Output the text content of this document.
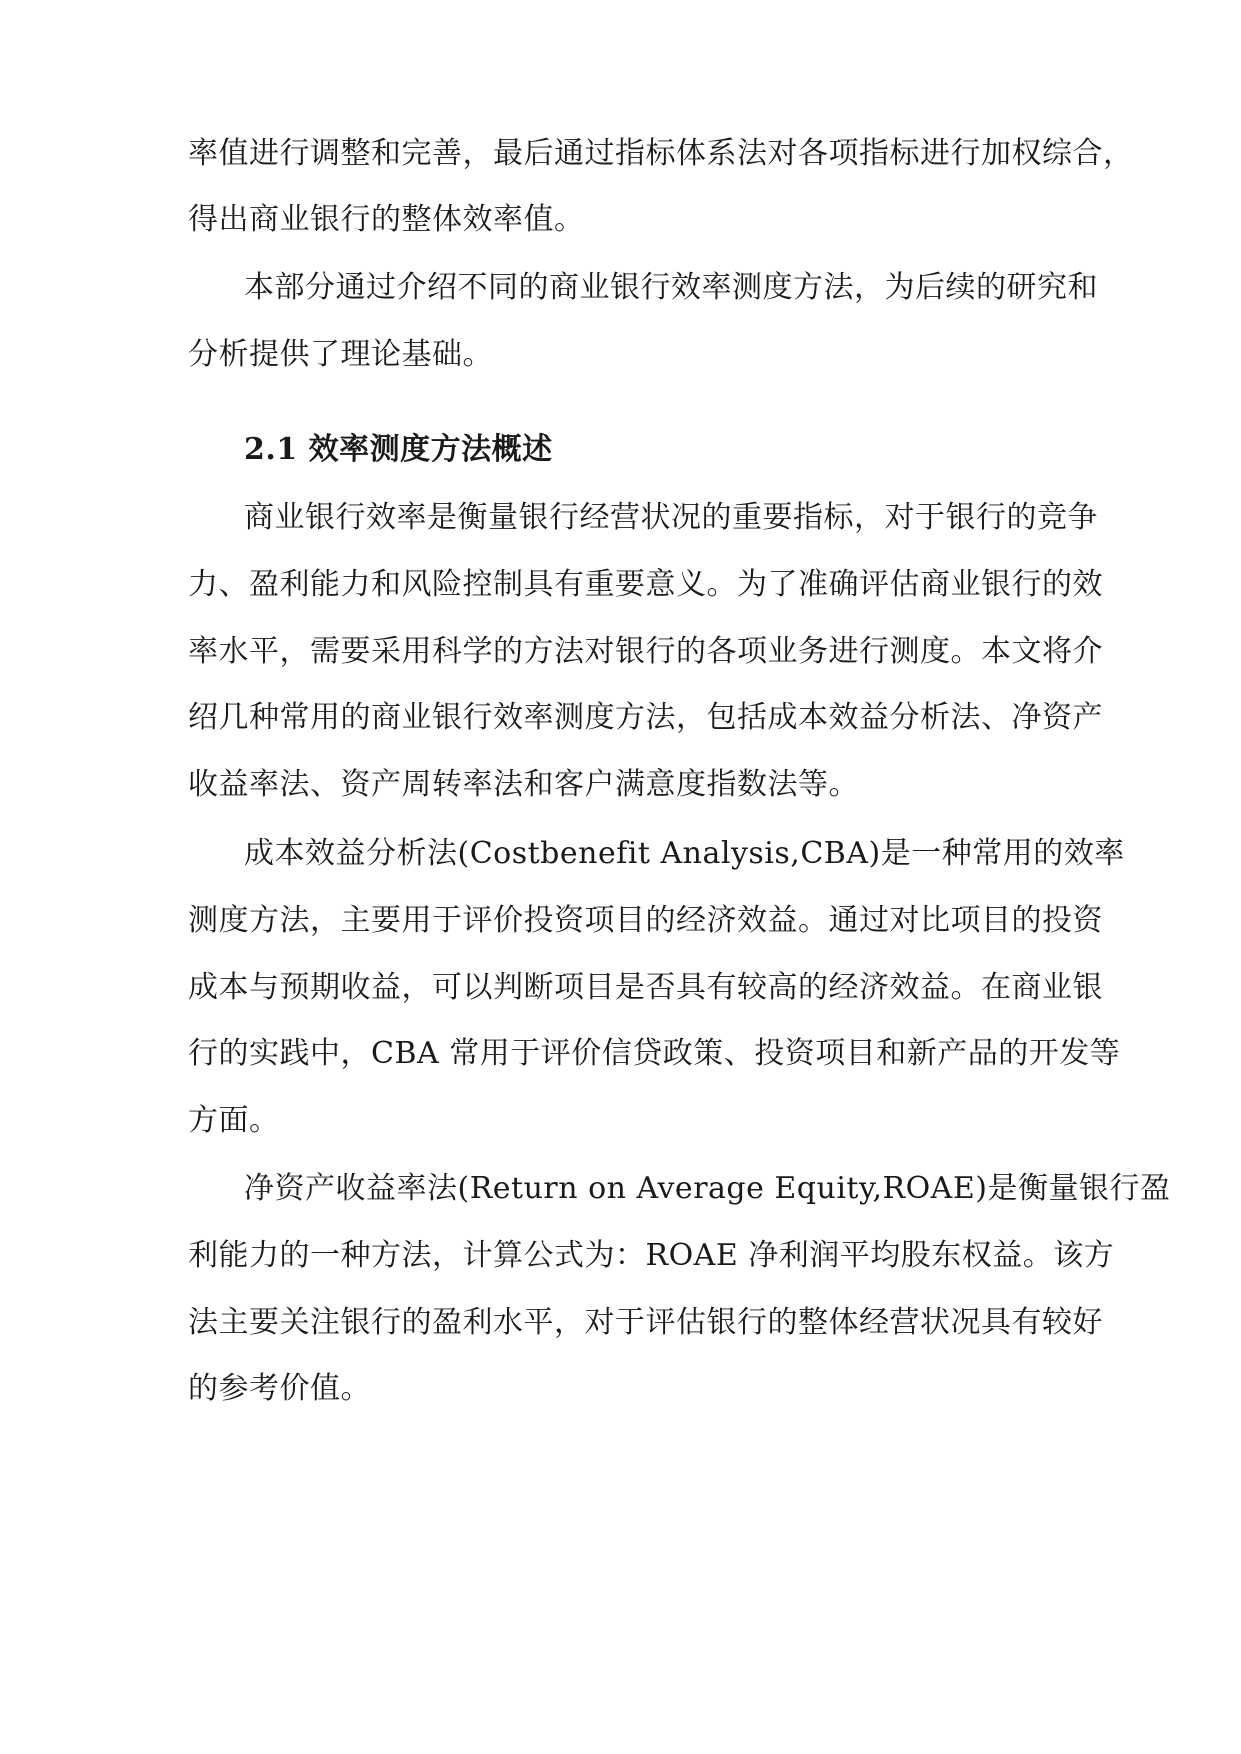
率值进行调整和完善，最后通过指标体系法对各项指标进行加权综合，
得出商业银行的整体效率值。
本部分通过介绍不同的商业银行效率测度方法，为后续的研究和
分析提供了理论基础。
2.1 效率测度方法概述
商业银行效率是衡量银行经营状况的重要指标，对于银行的竞争
力、盈利能力和风险控制具有重要意义。为了准确评估商业银行的效
率水平，需要采用科学的方法对银行的各项业务进行测度。本文将介
绍几种常用的商业银行效率测度方法，包括成本效益分析法、净资产
收益率法、资产周转率法和客户满意度指数法等。
成本效益分析法(Costbenefit Analysis,CBA)是一种常用的效率
测度方法，主要用于评价投资项目的经济效益。通过对比项目的投资
成本与预期收益，可以判断项目是否具有较高的经济效益。在商业银
行的实践中，CBA 常用于评价信贷政策、投资项目和新产品的开发等
方面。
净资产收益率法(Return on Average Equity,ROAE)是衡量银行盈
利能力的一种方法，计算公式为：ROAE 净利润平均股东权益。该方
法主要关注银行的盈利水平，对于评估银行的整体经营状况具有较好
的参考价值。
